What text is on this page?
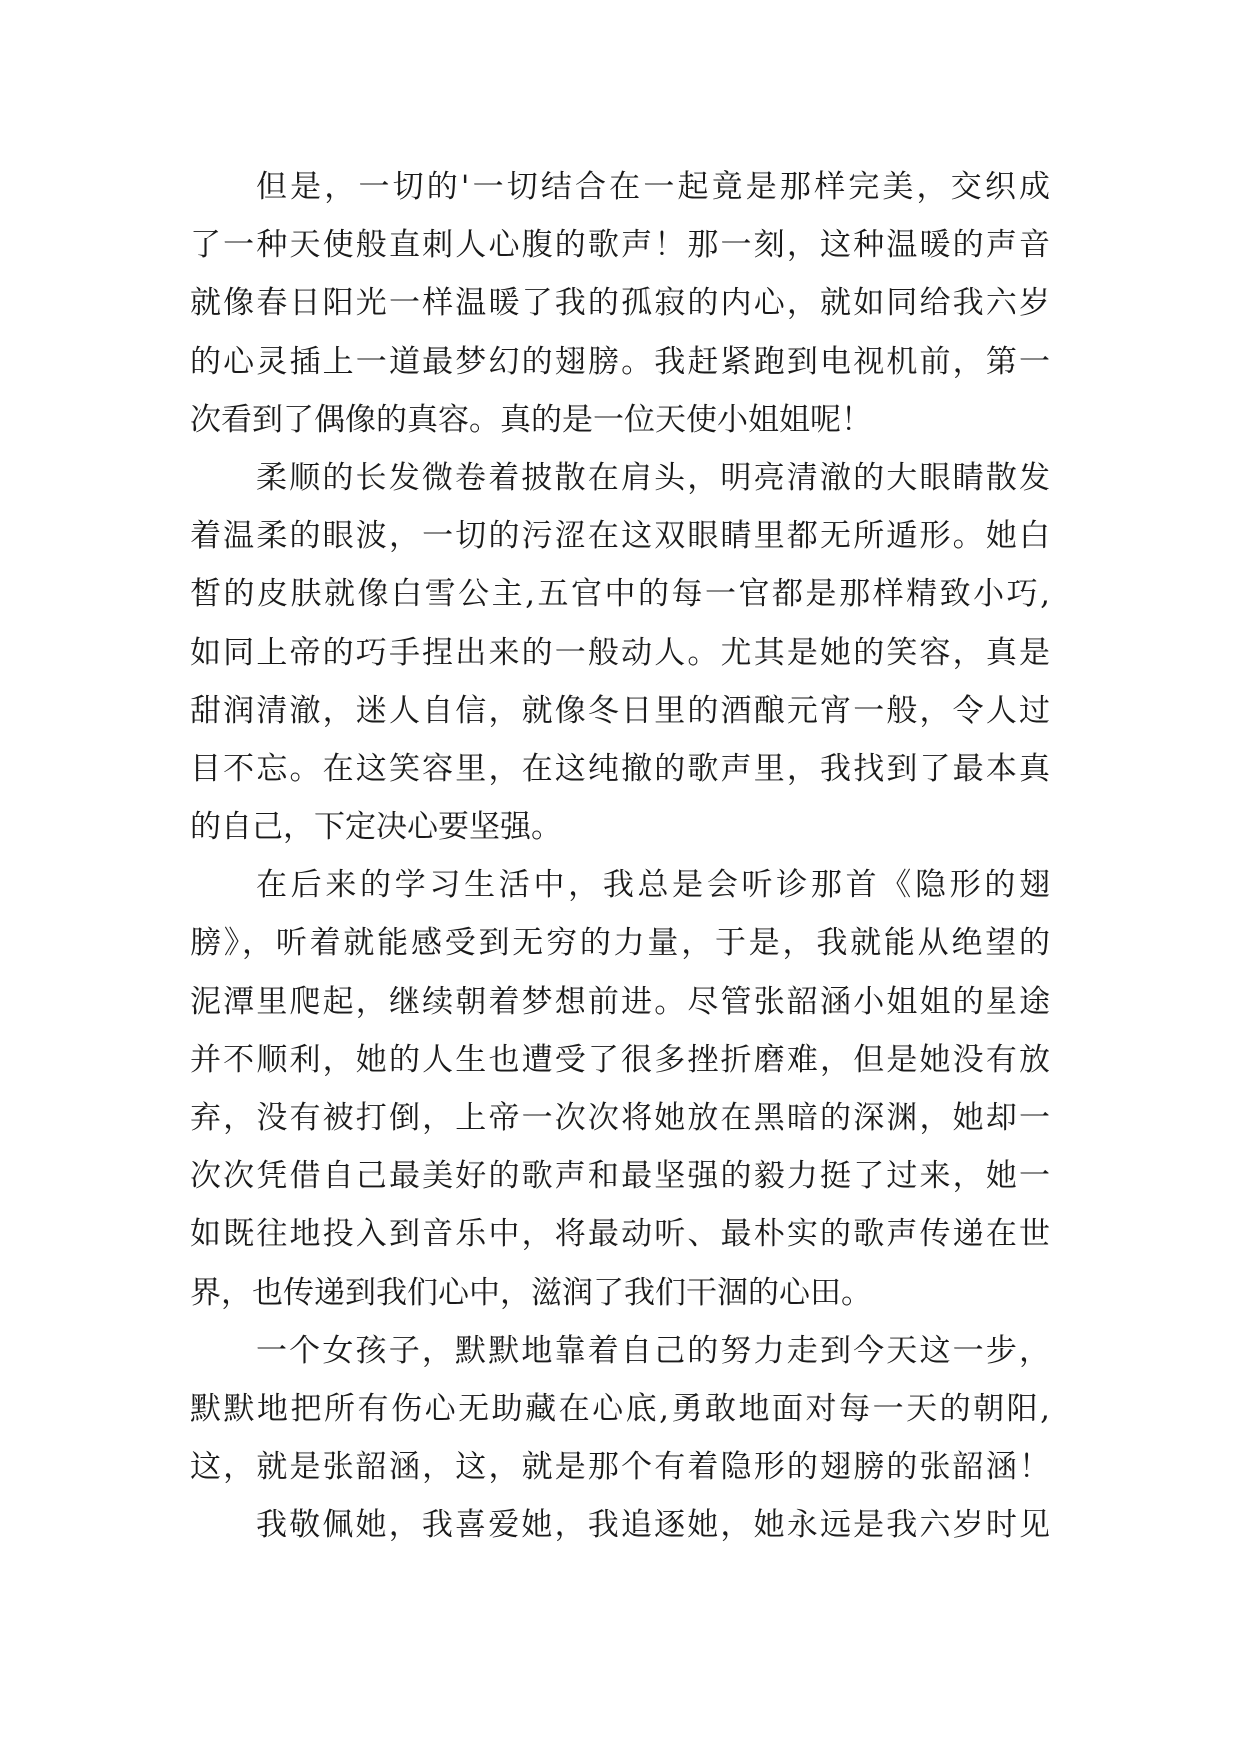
但是，一切的'一切结合在一起竟是那样完美，交织成
了一种天使般直刺人心腹的歌声！那一刻，这种温暖的声音
就像春日阳光一样温暖了我的孤寂的内心，就如同给我六岁
的心灵插上一道最梦幻的翅膀。我赶紧跑到电视机前，第一
次看到了偶像的真容。真的是一位天使小姐姐呢！
柔顺的长发微卷着披散在肩头，明亮清澈的大眼睛散发
着温柔的眼波，一切的污涩在这双眼睛里都无所遁形。她白
皙的皮肤就像白雪公主,五官中的每一官都是那样精致小巧,
如同上帝的巧手捏出来的一般动人。尤其是她的笑容，真是
甜润清澈，迷人自信，就像冬日里的酒酿元宵一般，令人过
目不忘。在这笑容里，在这纯撤的歌声里，我找到了最本真
的自己，下定决心要坚强。
在后来的学习生活中，我总是会听诊那首《隐形的翅
膀》，听着就能感受到无穷的力量，于是，我就能从绝望的
泥潭里爬起，继续朝着梦想前进。尽管张韶涵小姐姐的星途
并不顺利，她的人生也遭受了很多挫折磨难，但是她没有放
弃，没有被打倒，上帝一次次将她放在黑暗的深渊，她却一
次次凭借自己最美好的歌声和最坚强的毅力挺了过来，她一
如既往地投入到音乐中，将最动听、最朴实的歌声传递在世
界，也传递到我们心中，滋润了我们干涸的心田。
一个女孩子，默默地靠着自己的努力走到今天这一步，
默默地把所有伤心无助藏在心底,勇敢地面对每一天的朝阳,
这，就是张韶涵，这，就是那个有着隐形的翅膀的张韶涵！
我敬佩她，我喜爱她，我追逐她，她永远是我六岁时见
